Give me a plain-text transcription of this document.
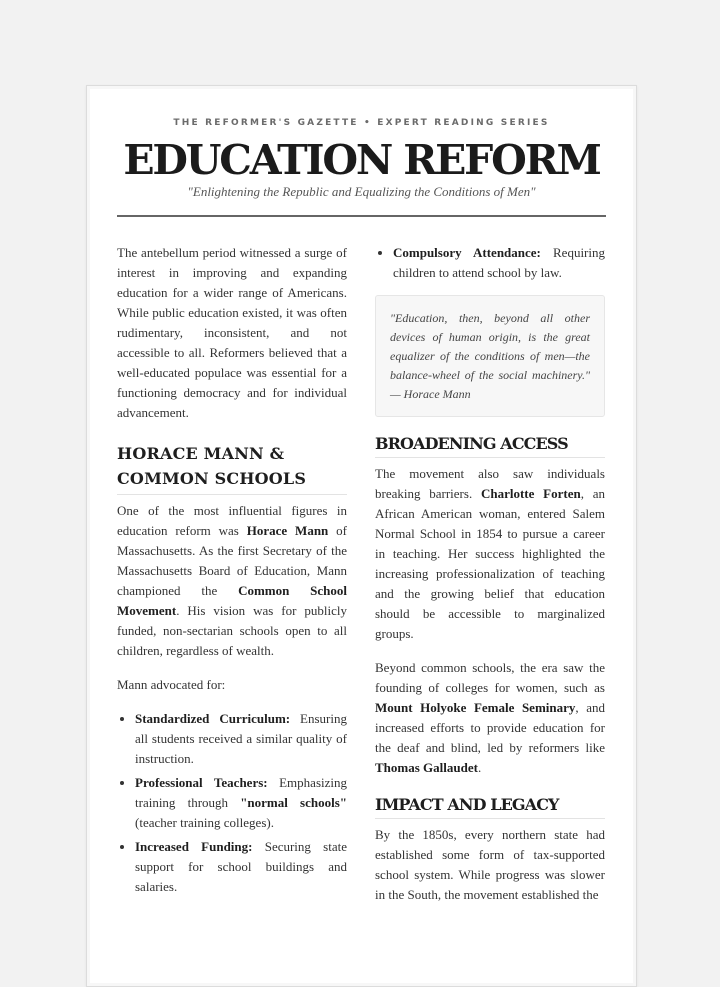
THE REFORMER'S GAZETTE • EXPERT READING SERIES
EDUCATION REFORM
"Enlightening the Republic and Equalizing the Conditions of Men"

The antebellum period witnessed a surge of interest in improving and expanding education for a wider range of Americans. While public education existed, it was often rudimentary, inconsistent, and not accessible to all. Reformers believed that a well-educated populace was essential for a functioning democracy and for individual advancement.

HORACE MANN & COMMON SCHOOLS

One of the most influential figures in education reform was Horace Mann of Massachusetts. As the first Secretary of the Massachusetts Board of Education, Mann championed the Common School Movement. His vision was for publicly funded, non-sectarian schools open to all children, regardless of wealth.

Mann advocated for:

• Standardized Curriculum: Ensuring all students received a similar quality of instruction.
• Professional Teachers: Emphasizing training through "normal schools" (teacher training colleges).
• Increased Funding: Securing state support for school buildings and salaries.
• Compulsory Attendance: Requiring children to attend school by law.
"Education, then, beyond all other devices of human origin, is the great equalizer of the conditions of men—the balance-wheel of the social machinery." — Horace Mann
BROADENING ACCESS

The movement also saw individuals breaking barriers. Charlotte Forten, an African American woman, entered Salem Normal School in 1854 to pursue a career in teaching. Her success highlighted the increasing professionalization of teaching and the growing belief that education should be accessible to marginalized groups.

Beyond common schools, the era saw the founding of colleges for women, such as Mount Holyoke Female Seminary, and increased efforts to provide education for the deaf and blind, led by reformers like Thomas Gallaudet.

IMPACT AND LEGACY

By the 1850s, every northern state had established some form of tax-supported school system. While progress was slower in the South, the movement established the
